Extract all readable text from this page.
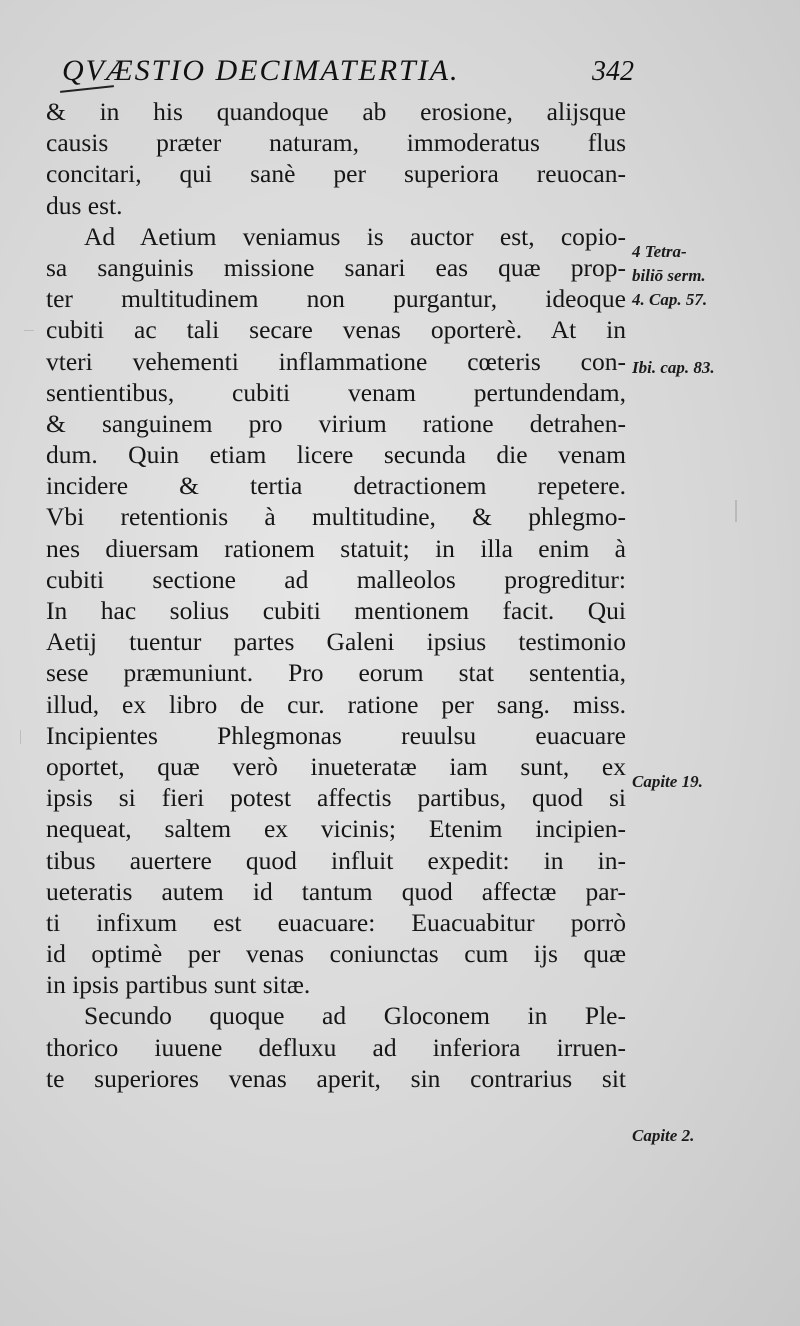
QVÆSTIO DECIMATERTIA.	342
& in his quandoque ab erosione, alijsque
causis præter naturam, immoderatus flus
concitari, qui sanè per superiora reuocan-
dus est.
Ad Aetium veniamus is auctor est, copio-
sa sanguinis missione sanari eas quæ prop-
ter multitudinem non purgantur, ideoque
cubiti ac tali secare venas oporterè. At in
vteri vehementi inflammatione cœteris con-
sentientibus, cubiti venam pertundendam,
& sanguinem pro virium ratione detrahen-
dum. Quin etiam licere secunda die venam
incidere & tertia detractionem repetere.
Vbi retentionis à multitudine, & phlegmo-
nes diuersam rationem statuit; in illa enim à
cubiti sectione ad malleolos progreditur:
In hac solius cubiti mentionem facit. Qui
Aetij tuentur partes Galeni ipsius testimonio
sese præmuniunt. Pro eorum stat sententia,
illud, ex libro de cur. ratione per sang. miss.
Incipientes Phlegmonas reuulsu euacuare
oportet, quæ verò inueteratæ iam sunt, ex
ipsis si fieri potest affectis partibus, quod si
nequeat, saltem ex vicinis; Etenim incipien-
tibus auertere quod influit expedit: in in-
ueteratis autem id tantum quod affectæ par-
ti infixum est euacuare: Euacuabitur porrò
id optimè per venas coniunctas cum ijs quæ
in ipsis partibus sunt sitæ.
Secundo quoque ad Gloconem in Ple-
thorico iuuene defluxu ad inferiora irruen-
te superiores venas aperit, sin contrarius sit
4 Tetra-
biliō serm.
4. Cap. 57.
Ibi. cap. 83.
Capite 19.
Capite 2.
